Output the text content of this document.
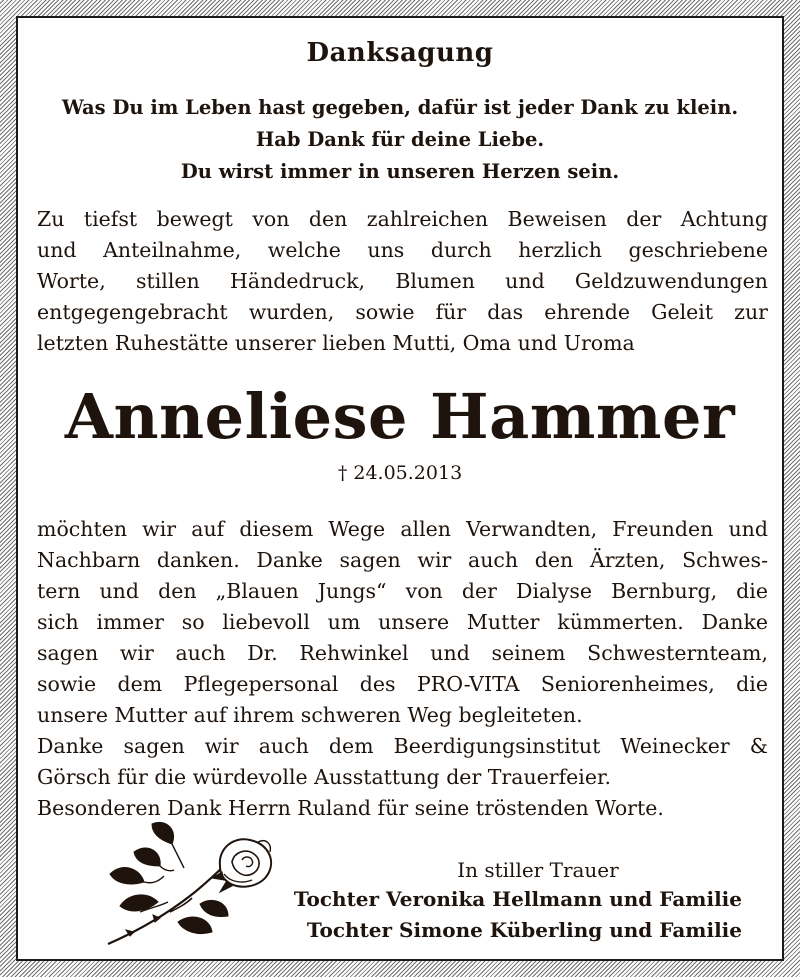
Danksagung
Was Du im Leben hast gegeben, dafür ist jeder Dank zu klein.
Hab Dank für deine Liebe.
Du wirst immer in unseren Herzen sein.
Zu tiefst bewegt von den zahlreichen Beweisen der Achtung
und Anteilnahme, welche uns durch herzlich geschriebene
Worte, stillen Händedruck, Blumen und Geldzuwendungen
entgegengebracht wurden, sowie für das ehrende Geleit zur
letzten Ruhestätte unserer lieben Mutti, Oma und Uroma
Anneliese Hammer
† 24.05.2013
möchten wir auf diesem Wege allen Verwandten, Freunden und
Nachbarn danken. Danke sagen wir auch den Ärzten, Schwes-
tern und den „Blauen Jungs“ von der Dialyse Bernburg, die
sich immer so liebevoll um unsere Mutter kümmerten. Danke
sagen wir auch Dr. Rehwinkel und seinem Schwesternteam,
sowie dem Pflegepersonal des PRO-VITA Seniorenheimes, die
unsere Mutter auf ihrem schweren Weg begleiteten.
Danke sagen wir auch dem Beerdigungsinstitut Weinecker &
Görsch für die würdevolle Ausstattung der Trauerfeier.
Besonderen Dank Herrn Ruland für seine tröstenden Worte.
In stiller Trauer
Tochter Veronika Hellmann und Familie
Tochter Simone Küberling und Familie
